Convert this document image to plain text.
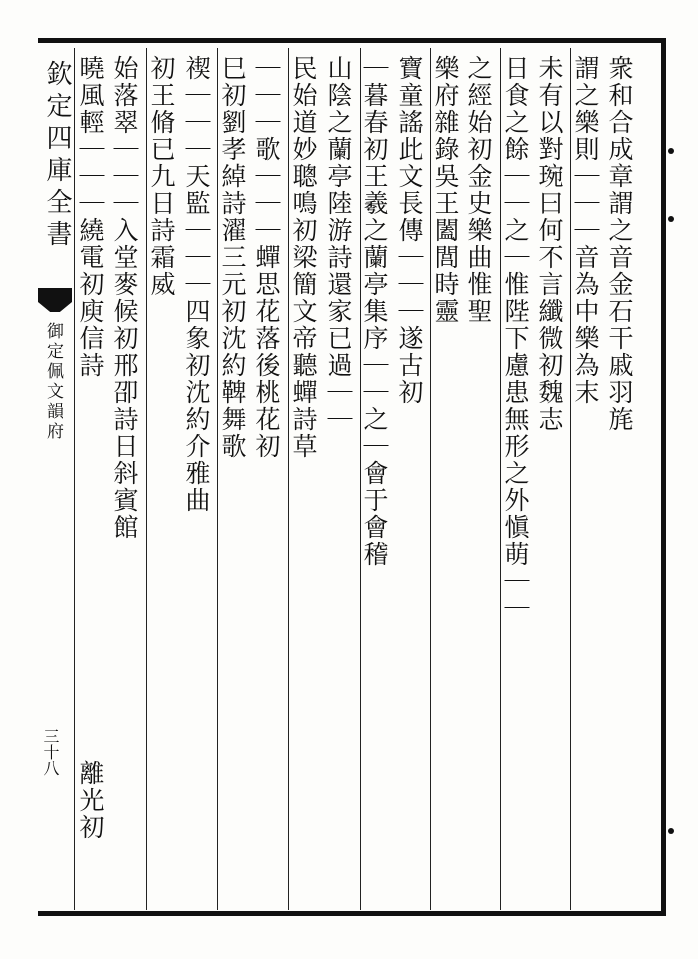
欽定四庫全書
御定佩文韻府
三十八
衆和合成章謂之音金石干戚羽旄
謂之樂則｜｜｜音為中樂為末
未有以對琬曰何不言纖微初魏志
日食之餘｜｜之｜惟陛下慮患無形之外愼萌｜｜
之經始初金史樂曲惟聖
樂府雜錄吳王闔閭時靈
寶童謠此文長傳｜｜｜遂古初
｜暮春初王羲之蘭亭集序｜｜之｜會于會稽
山陰之蘭亭陸游詩還家已過｜｜
民始道妙聰鳴初梁簡文帝聽蟬詩草
｜｜｜歌｜｜｜蟬思花落後桃花初
巳初劉孝綽詩濯三元初沈約鞞舞歌
禊｜｜｜天監｜｜｜四象初沈約介雅曲
初王脩已九日詩霜威
始落翠｜｜｜入堂麥候初邢卲詩日斜賓館
曉風輕｜｜｜繞電初庾信詩
離光初
